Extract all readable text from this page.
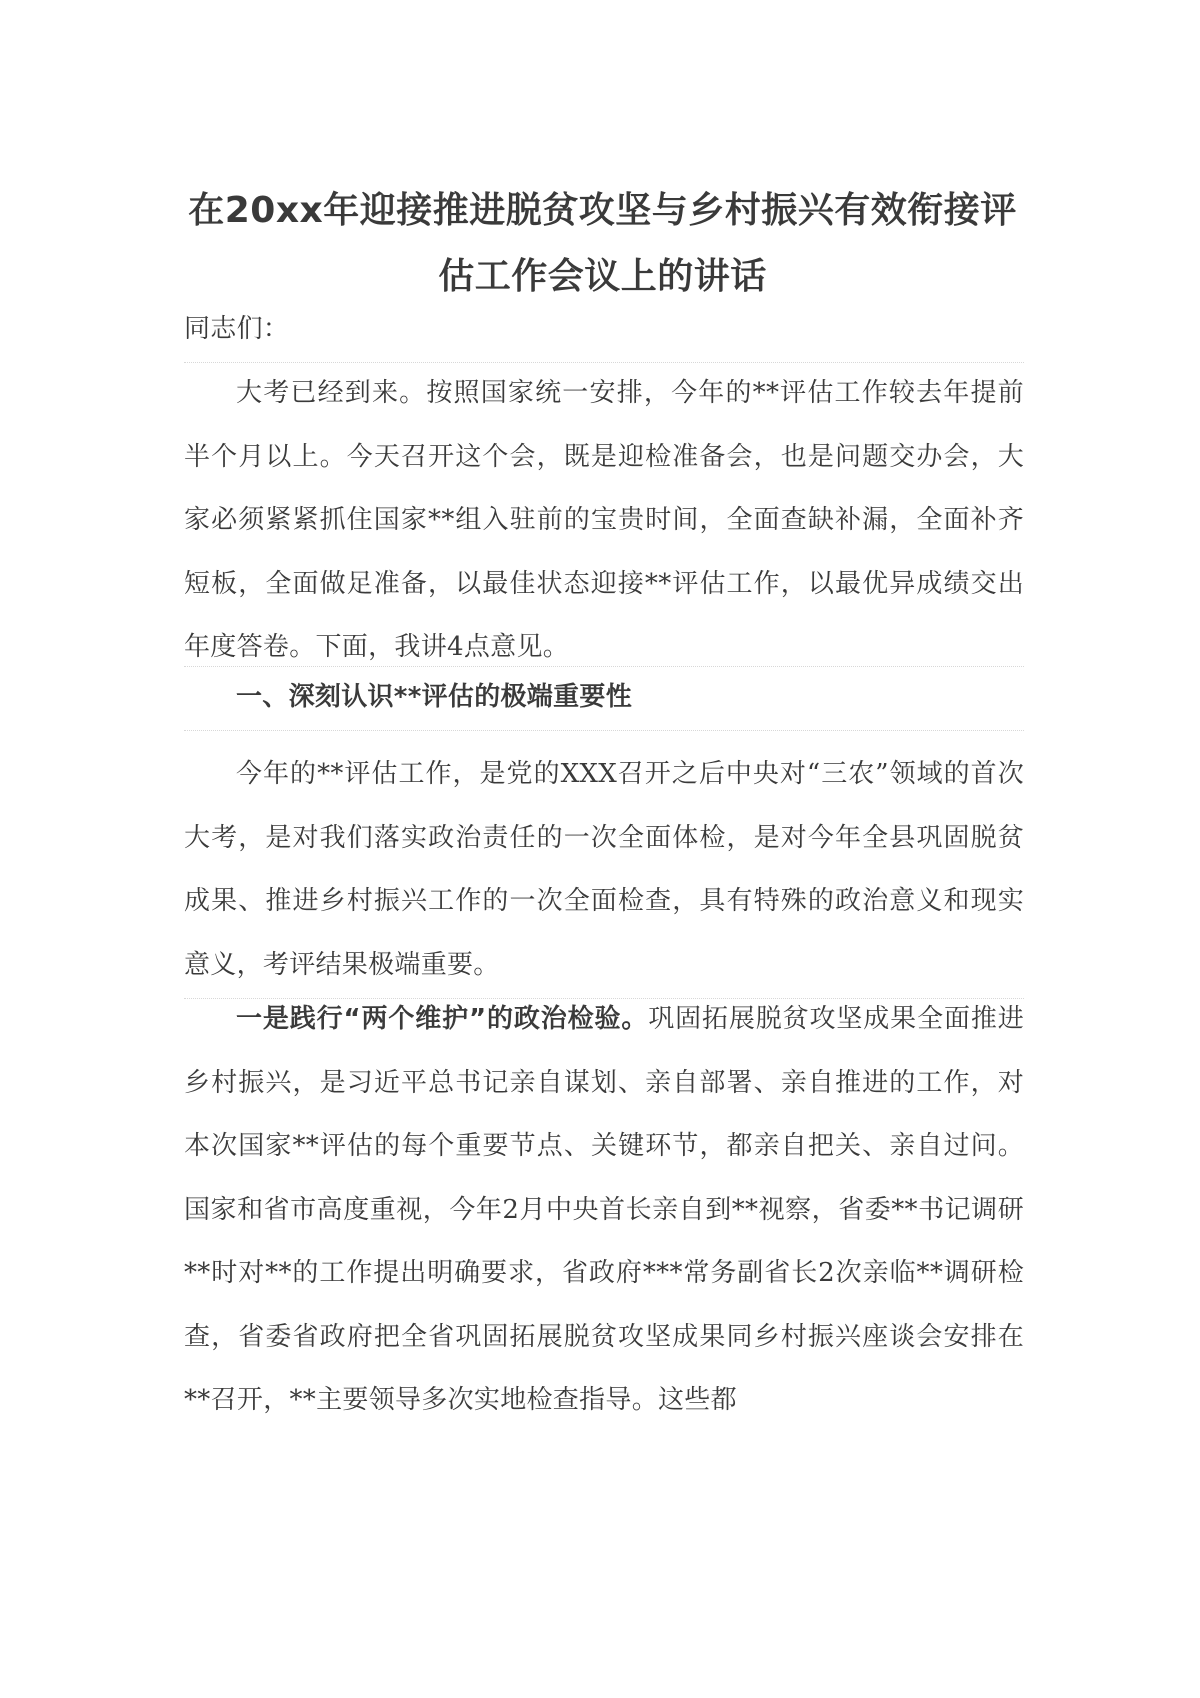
在20xx年迎接推进脱贫攻坚与乡村振兴有效衔接评估工作会议上的讲话
同志们：
大考已经到来。按照国家统一安排，今年的**评估工作较去年提前半个月以上。今天召开这个会，既是迎检准备会，也是问题交办会，大家必须紧紧抓住国家**组入驻前的宝贵时间，全面查缺补漏，全面补齐短板，全面做足准备，以最佳状态迎接**评估工作，以最优异成绩交出年度答卷。下面，我讲4点意见。
一、深刻认识**评估的极端重要性
今年的**评估工作，是党的XXX召开之后中央对“三农”领域的首次大考，是对我们落实政治责任的一次全面体检，是对今年全县巩固脱贫成果、推进乡村振兴工作的一次全面检查，具有特殊的政治意义和现实意义，考评结果极端重要。
一是践行“两个维护”的政治检验。巩固拓展脱贫攻坚成果全面推进乡村振兴，是习近平总书记亲自谋划、亲自部署、亲自推进的工作，对本次国家**评估的每个重要节点、关键环节，都亲自把关、亲自过问。国家和省市高度重视，今年2月中央首长亲自到**视察，省委**书记调研**时对**的工作提出明确要求，省政府***常务副省长2次亲临**调研检查，省委省政府把全省巩固拓展脱贫攻坚成果同乡村振兴座谈会安排在**召开，**主要领导多次实地检查指导。这些都
